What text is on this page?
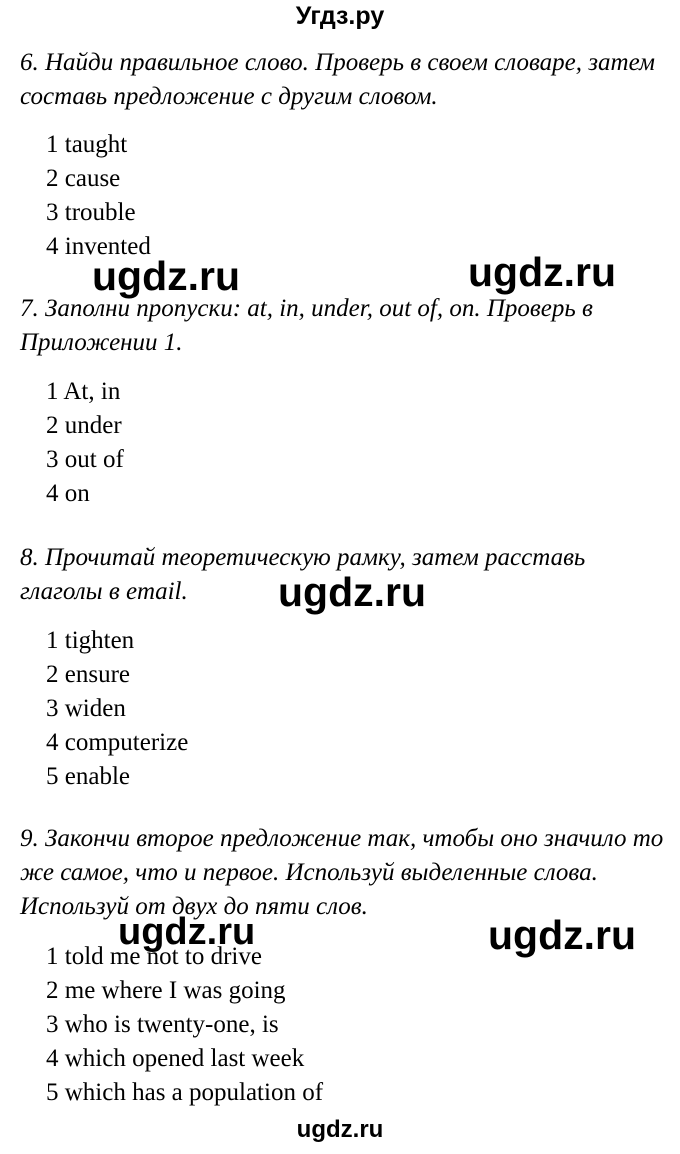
Угдз.ру

6. Найди правильное слово. Проверь в своем словаре, затем составь предложение с другим словом.

1 taught
2 cause
3 trouble
4 invented

7. Заполни пропуски: at, in, under, out of, on. Проверь в Приложении 1.

1 At, in
2 under
3 out of
4 on

8. Прочитай теоретическую рамку, затем расставь глаголы в email.

1 tighten
2 ensure
3 widen
4 computerize
5 enable

9. Закончи второе предложение так, чтобы оно значило то же самое, что и первое. Используй выделенные слова. Используй от двух до пяти слов.

1 told me not to drive
2 me where I was going
3 who is twenty-one, is
4 which opened last week
5 which has a population of
ugdz.ru	ugdz.ru
ugdz.ru
ugdz.ru	ugdz.ru
ugdz.ru
